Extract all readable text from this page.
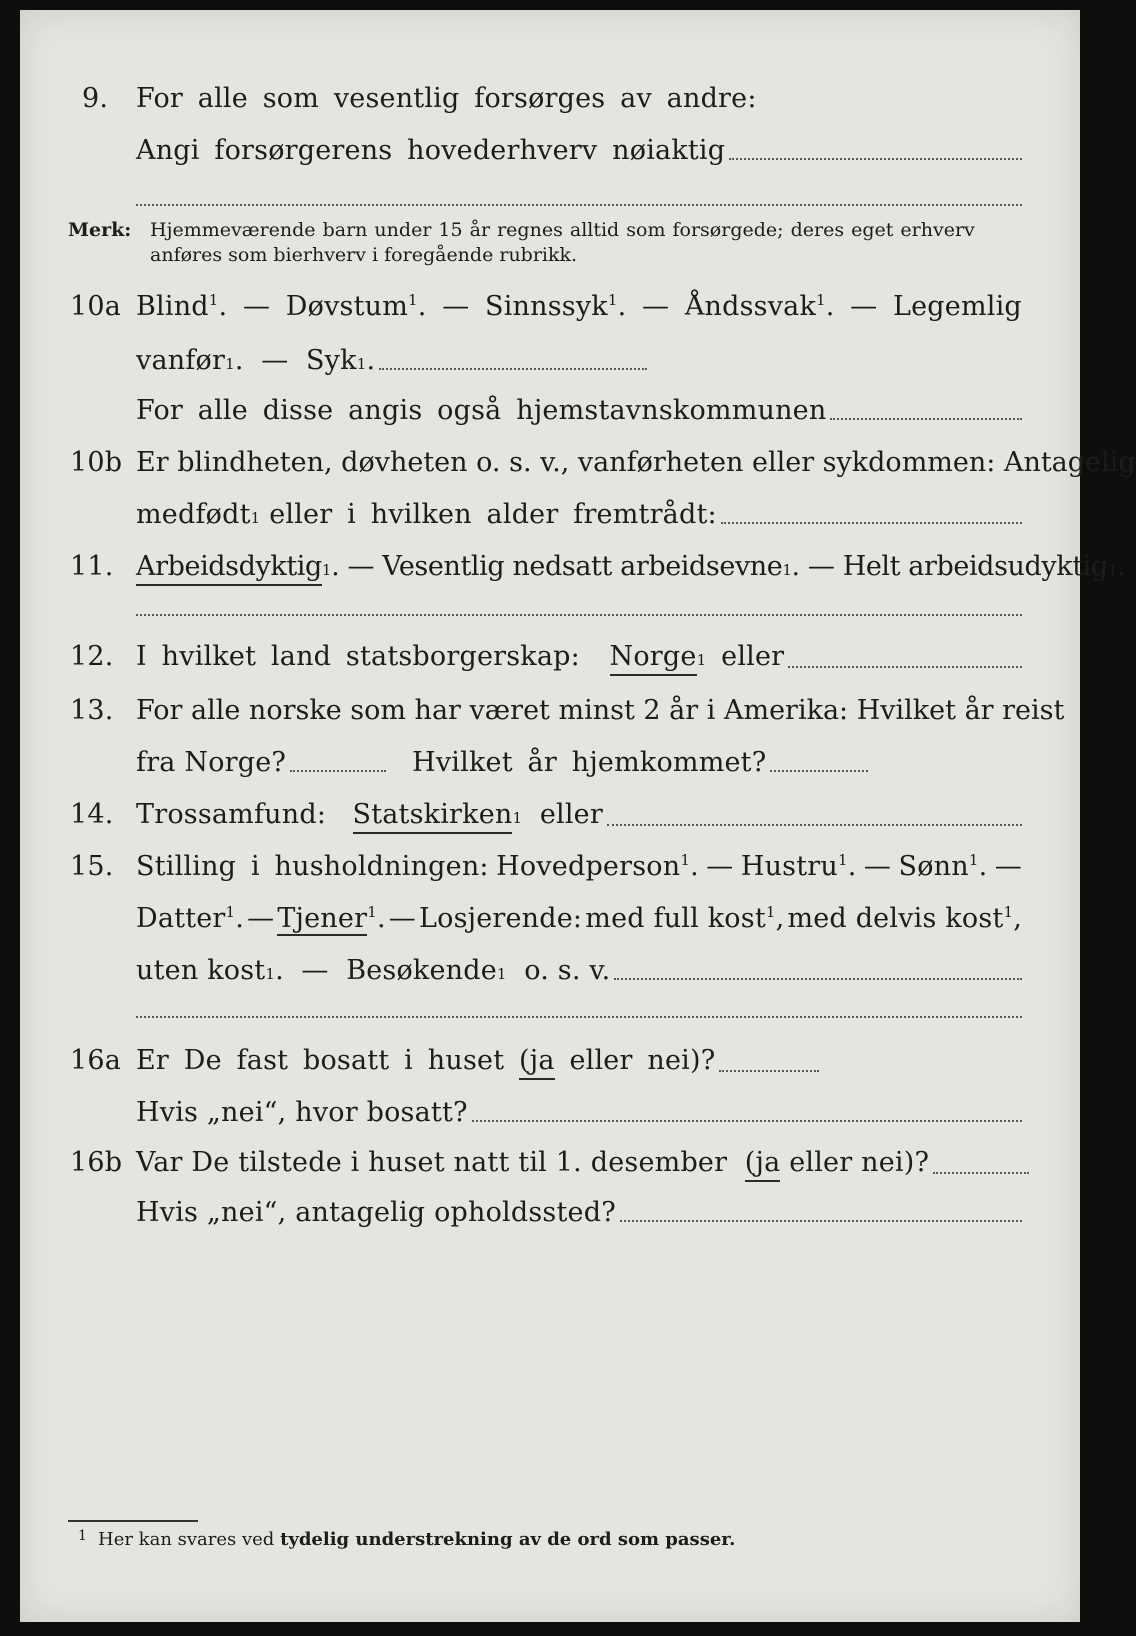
9. For alle som vesentlig forsørges av andre:
Angi forsørgerens hovederhverv nøiaktig
Merk: Hjemmeværende barn under 15 år regnes alltid som forsørgede; deres eget erhverv
anføres som bierhverv i foregående rubrikk.
10a Blind$^1$. — Døvstum$^1$. — Sinnssyk$^1$. — Åndssvak$^1$. — Legemlig
vanfør 1 .  — Syk 1 .
For alle disse angis også hjemstavnskommunen
10b Er blindheten, døvheten o. s. v., vanførheten eller sykdommen: Antagelig
medfødt 1
eller i hvilken alder fremtrådt:
11. Arbeidsdyktig 1 . — Vesentlig nedsatt arbeidsevne 1 . — Helt arbeidsudyktig 1 .
12. I hvilket land statsborgerskap:
Norge 1
eller
13. For alle norske som har været minst 2 år i Amerika: Hvilket år reist
fra Norge?	Hvilket år hjemkommet?
14. Trossamfund:
Statskirken 1
eller
15. Stilling i husholdningen: Hovedperson$^1$. — Hustru$^1$. — Sønn$^1$. —
Datter$^1$. — Tjener$^1$. — Losjerende: med full kost$^1$, med delvis kost$^1$,
uten kost 1 .  — Besøkende 1
o. s. v.
16a Er De fast bosatt i huset
(ja
eller nei)?
Hvis „nei“, hvor bosatt?
16b Var De tilstede i huset natt til 1. desember
(ja
eller nei)?
Hvis „nei“, antagelig opholdssted?
1 Her kan svares ved tydelig understrekning av de ord som passer.
